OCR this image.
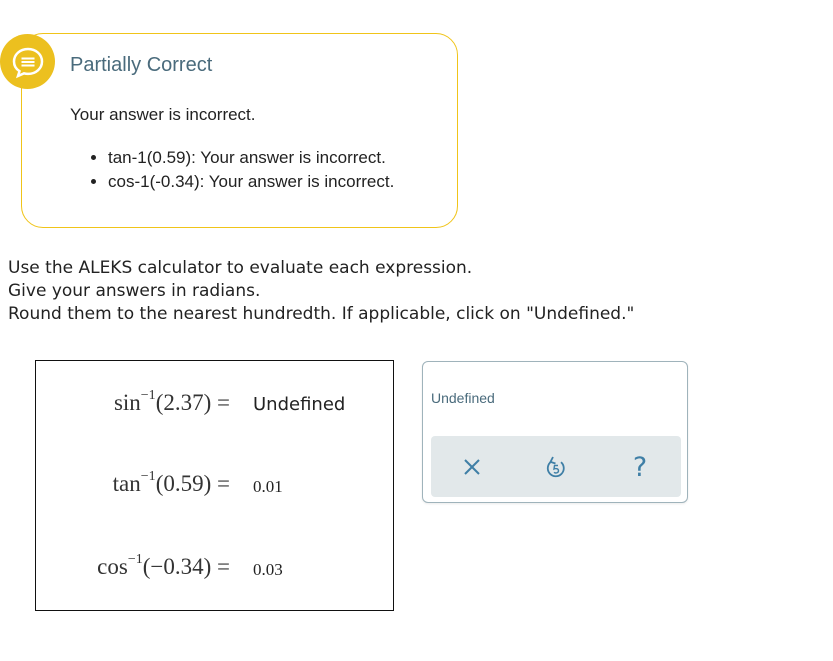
Partially Correct
Your answer is incorrect.
• tan-1(0.59): Your answer is incorrect.
• cos-1(-0.34): Your answer is incorrect.
Use the ALEKS calculator to evaluate each expression.
Give your answers in radians.
Round them to the nearest hundredth. If applicable, click on "Undefined."
$\sin^{-1}(2.37)$ = Undefined
$\tan^{-1}(0.59) = 0.01$
$\cos^{-1}(-0.34) = 0.03$
Undefined
?
